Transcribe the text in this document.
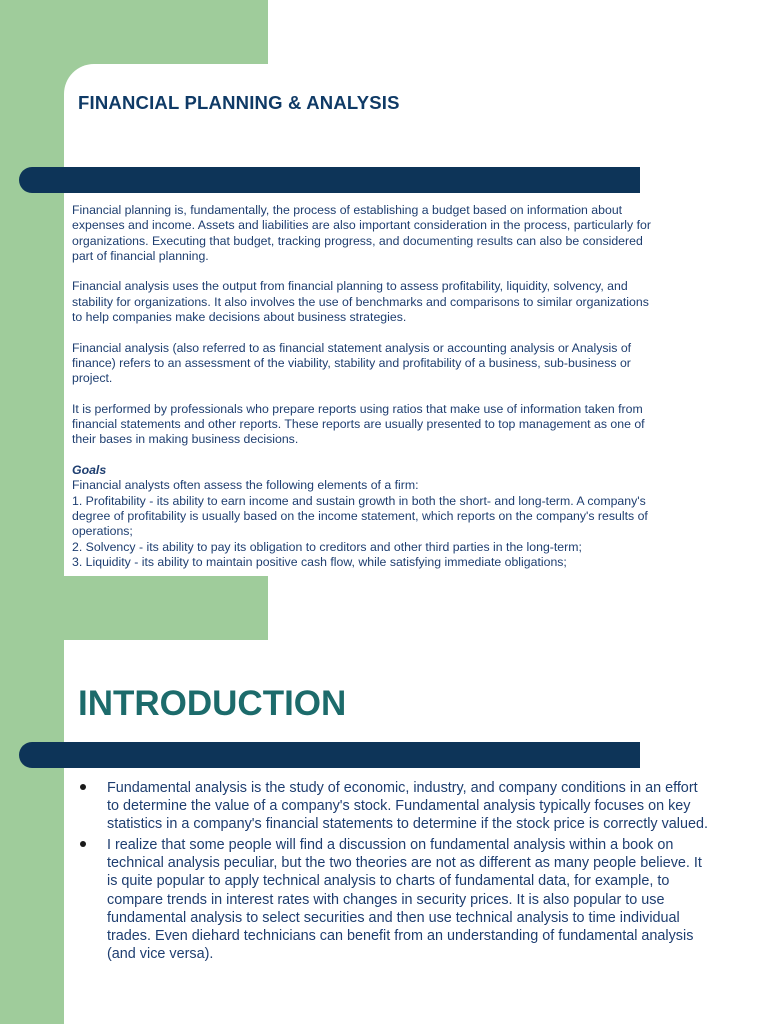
FINANCIAL PLANNING & ANALYSIS

Financial planning is, fundamentally, the process of establishing a budget based on information about expenses and income. Assets and liabilities are also important consideration in the process, particularly for organizations. Executing that budget, tracking progress, and documenting results can also be considered part of financial planning.

Financial analysis uses the output from financial planning to assess profitability, liquidity, solvency, and stability for organizations. It also involves the use of benchmarks and comparisons to similar organizations to help companies make decisions about business strategies.

Financial analysis (also referred to as financial statement analysis or accounting analysis or Analysis of finance) refers to an assessment of the viability, stability and profitability of a business, sub-business or project.

It is performed by professionals who prepare reports using ratios that make use of information taken from financial statements and other reports. These reports are usually presented to top management as one of their bases in making business decisions.

Goals
Financial analysts often assess the following elements of a firm:
1. Profitability - its ability to earn income and sustain growth in both the short- and long-term. A company's degree of profitability is usually based on the income statement, which reports on the company's results of operations;
2. Solvency - its ability to pay its obligation to creditors and other third parties in the long-term;
3. Liquidity - its ability to maintain positive cash flow, while satisfying immediate obligations;
INTRODUCTION
Fundamental analysis is the study of economic, industry, and company conditions in an effort to determine the value of a company's stock. Fundamental analysis typically focuses on key statistics in a company's financial statements to determine if the stock price is correctly valued.
I realize that some people will find a discussion on fundamental analysis within a book on technical analysis peculiar, but the two theories are not as different as many people believe. It is quite popular to apply technical analysis to charts of fundamental data, for example, to compare trends in interest rates with changes in security prices. It is also popular to use fundamental analysis to select securities and then use technical analysis to time individual trades. Even diehard technicians can benefit from an understanding of fundamental analysis (and vice versa).
